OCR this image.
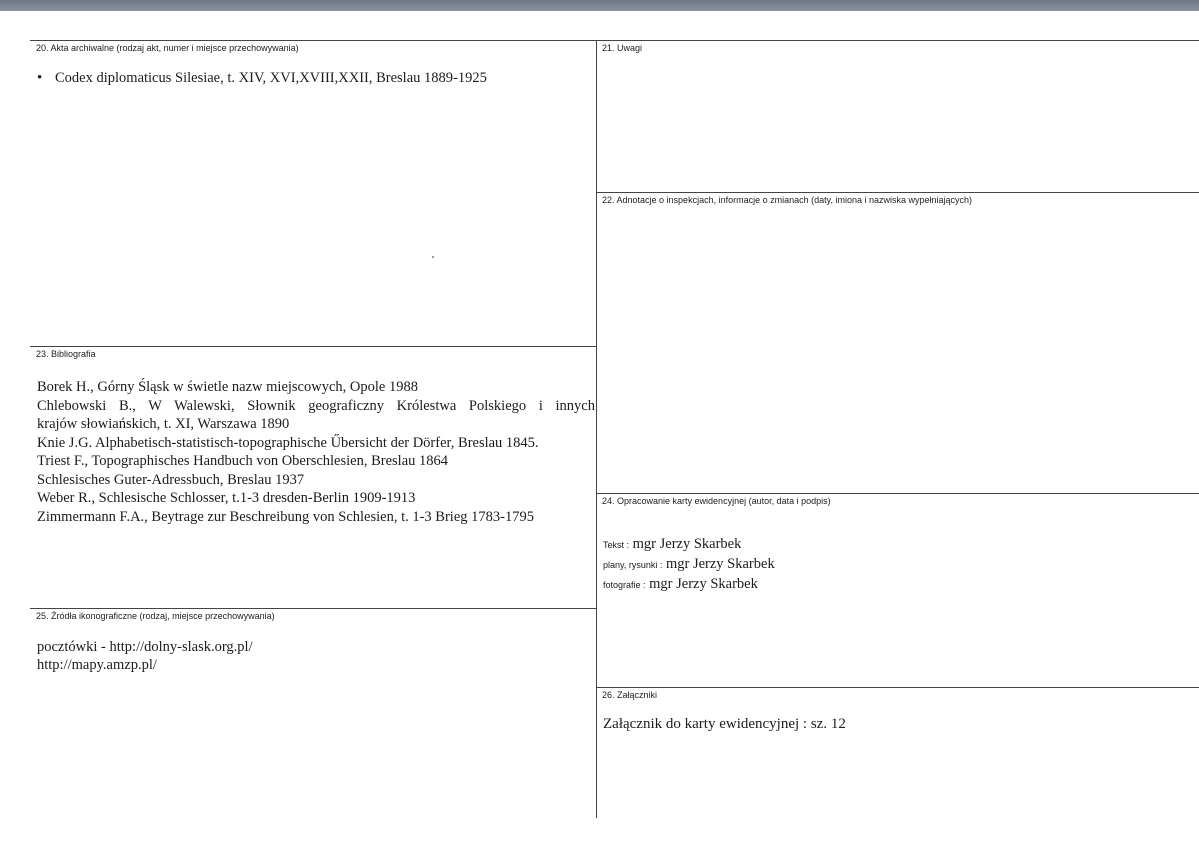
20. Akta archiwalne (rodzaj akt, numer i miejsce przechowywania)
• Codex diplomaticus Silesiae, t. XIV, XVI,XVIII,XXII, Breslau 1889-1925
21. Uwagi
22. Adnotacje o inspekcjach, informacje o zmianach (daty, imiona i nazwiska wypełniających)
23. Bibliografia
Borek H., Górny Śląsk w świetle nazw miejscowych, Opole 1988
Chlebowski B., W Walewski, Słownik geograficzny Królestwa Polskiego i innych
krajów słowiańskich, t. XI, Warszawa 1890
Knie J.G. Alphabetisch-statistisch-topographische Űbersicht der Dörfer, Breslau 1845.
Triest F., Topographisches Handbuch von Oberschlesien, Breslau 1864
Schlesisches Guter-Adressbuch, Breslau 1937
Weber R., Schlesische Schlosser, t.1-3 dresden-Berlin 1909-1913
Zimmermann F.A., Beytrage zur Beschreibung von Schlesien, t. 1-3 Brieg 1783-1795
24. Opracowanie karty ewidencyjnej (autor, data i podpis)
Tekst : mgr Jerzy Skarbek
plany, rysunki : mgr Jerzy Skarbek
fotografie : mgr Jerzy Skarbek
25. Źródła ikonograficzne (rodzaj, miejsce przechowywania)
pocztówki - http://dolny-slask.org.pl/
http://mapy.amzp.pl/
26. Załączniki
Załącznik do karty ewidencyjnej : sz. 12
